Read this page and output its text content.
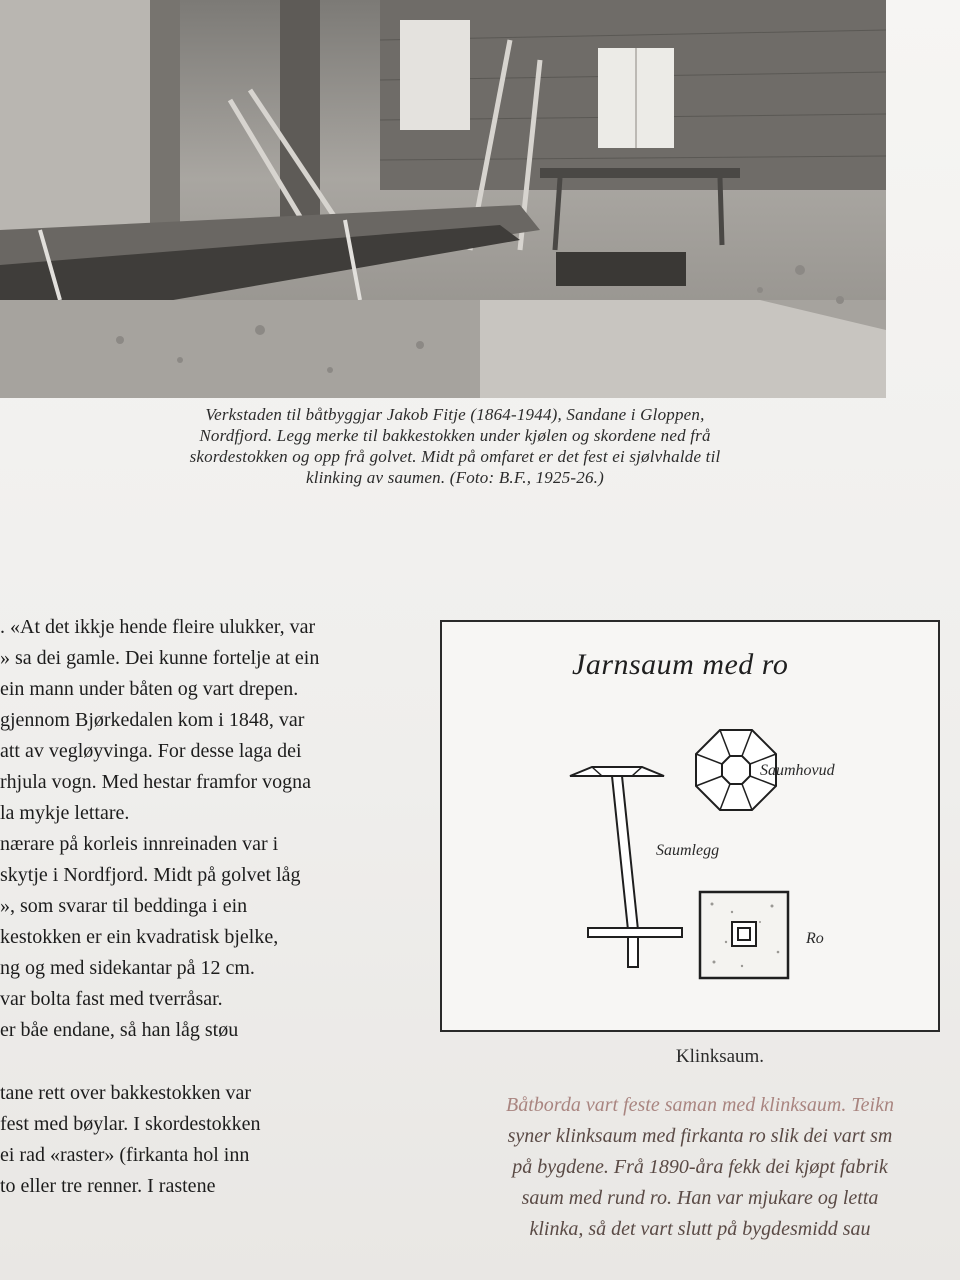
Verkstaden til båtbyggjar Jakob Fitje (1864-1944), Sandane i Gloppen,
Nordfjord. Legg merke til bakkestokken under kjølen og skordene ned frå
skordestokken og opp frå golvet. Midt på omfaret er det fest ei sjølvhalde til
klinking av saumen. (Foto: B.F., 1925-26.)
. «At det ikkje hende fleire ulukker, var
» sa dei gamle. Dei kunne fortelje at ein
ein mann under båten og vart drepen.
gjennom Bjørkedalen kom i 1848, var
att av vegløyvinga. For desse laga dei
rhjula vogn. Med hestar framfor vogna
la mykje lettare.
nærare på korleis innreinaden var i
skytje i Nordfjord. Midt på golvet låg
», som svarar til beddinga i ein
kestokken er ein kvadratisk bjelke,
ng og med sidekantar på 12 cm.
var bolta fast med tverråsar.
er båe endane, så han låg støu
tane rett over bakkestokken var
fest med bøylar. I skordestokken
ei rad «raster» (firkanta hol inn
to eller tre renner. I rastene
Jarnsaum med ro
Saumhovud
Saumlegg
Ro
Klinksaum.
Båtborda vart feste saman med klinksaum. Teikn
syner klinksaum med firkanta ro slik dei vart sm
på bygdene. Frå 1890-åra fekk dei kjøpt fabrik
saum med rund ro. Han var mjukare og letta
klinka, så det vart slutt på bygdesmidd sau
